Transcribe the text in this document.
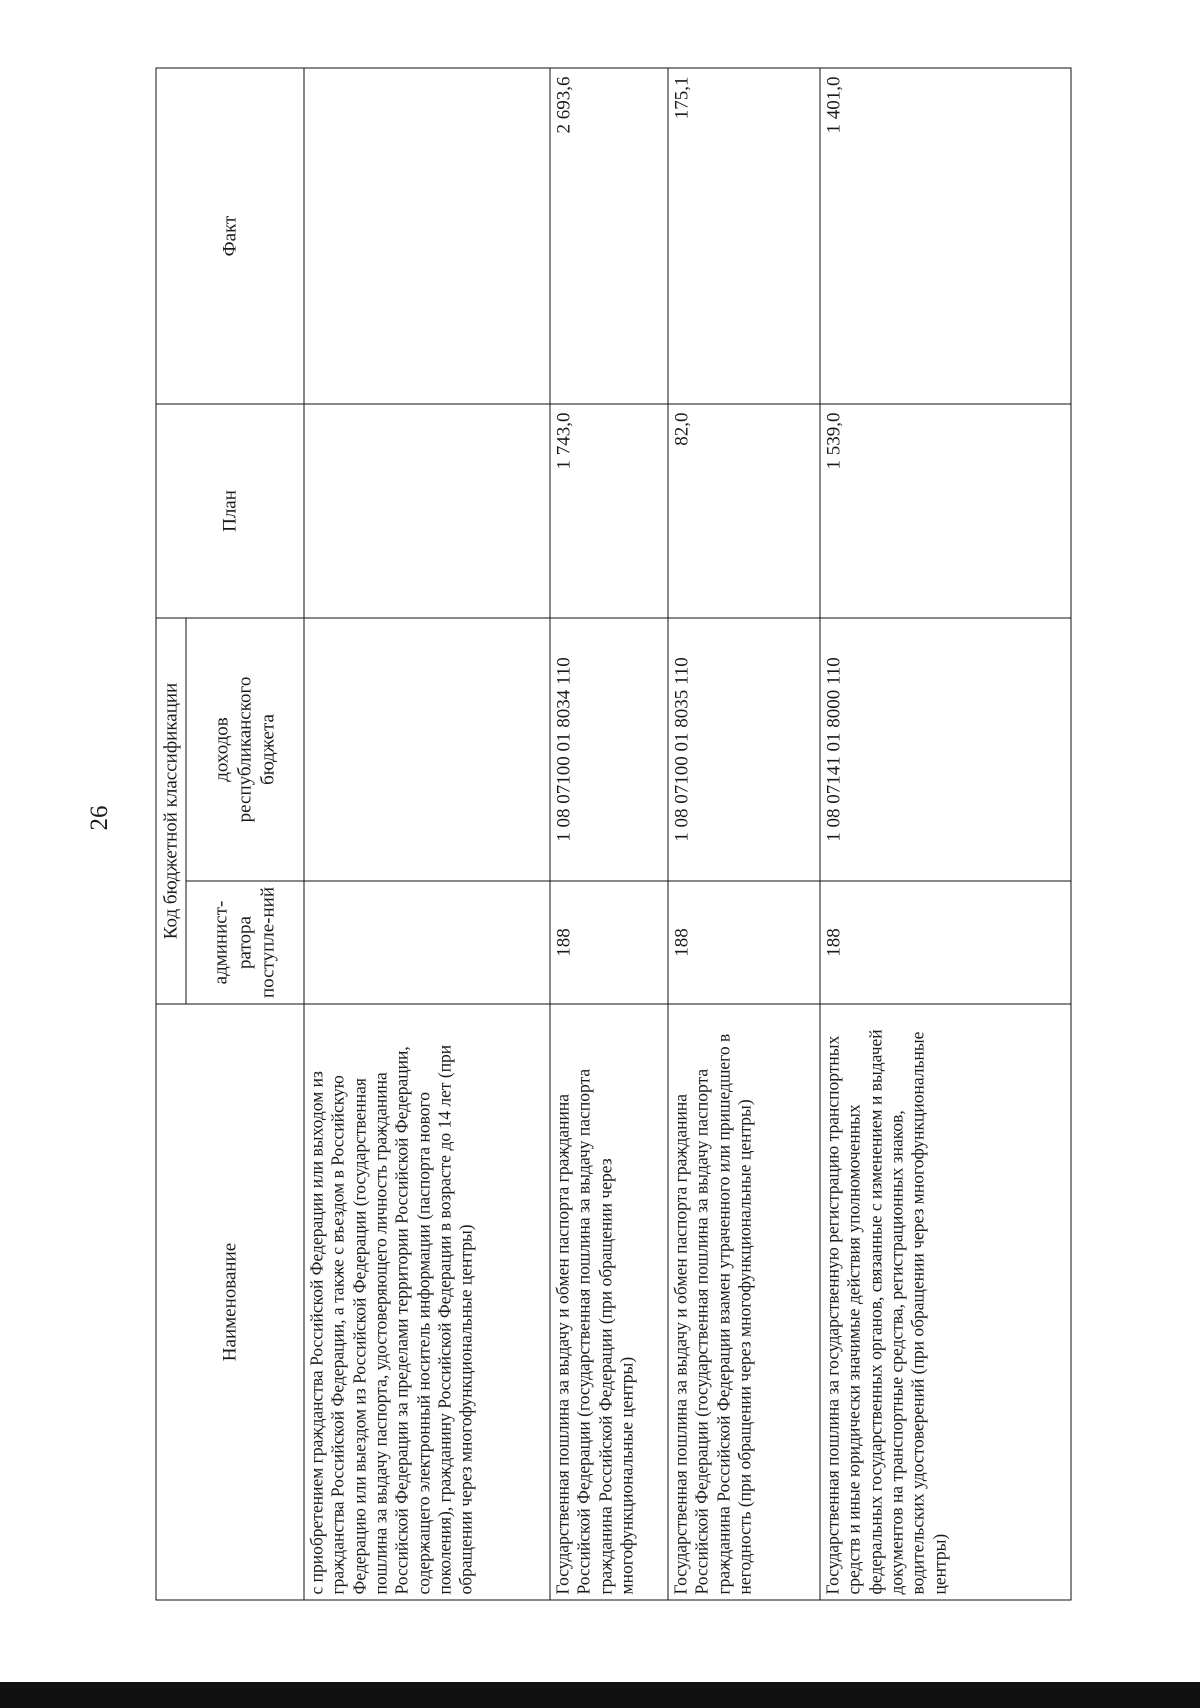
26
Наименование	Код бюджетной классификации		План	Факт
	админист-ратора поступле-ний	доходов республиканского бюджета		
с приобретением гражданства Российской Федерации или выходом из гражданства Российской Федерации, а также с въездом в Российскую Федерацию или выездом из Российской Федерации (государственная пошлина за выдачу паспорта, удостоверяющего личность гражданина Российской Федерации за пределами территории Российской Федерации, содержащего электронный носитель информации (паспорта нового поколения), гражданину Российской Федерации в возрасте до 14 лет (при обращении через многофункциональные центры)				
Государственная пошлина за выдачу и обмен паспорта гражданина Российской Федерации (государственная пошлина за выдачу паспорта гражданина Российской Федерации (при обращении через многофункциональные центры)	188	1 08 07100 01 8034 110	1 743,0	2 693,6
Государственная пошлина за выдачу и обмен паспорта гражданина Российской Федерации (государственная пошлина за выдачу паспорта гражданина Российской Федерации взамен утраченного или пришедшего в негодность (при обращении через многофункциональные центры)	188	1 08 07100 01 8035 110	82,0	175,1
Государственная пошлина за государственную регистрацию транспортных средств и иные юридически значимые действия уполномоченных федеральных государственных органов, связанные с изменением и выдачей документов на транспортные средства, регистрационных знаков, водительских удостоверений (при обращении через многофункциональные центры)	188	1 08 07141 01 8000 110	1 539,0	1 401,0
